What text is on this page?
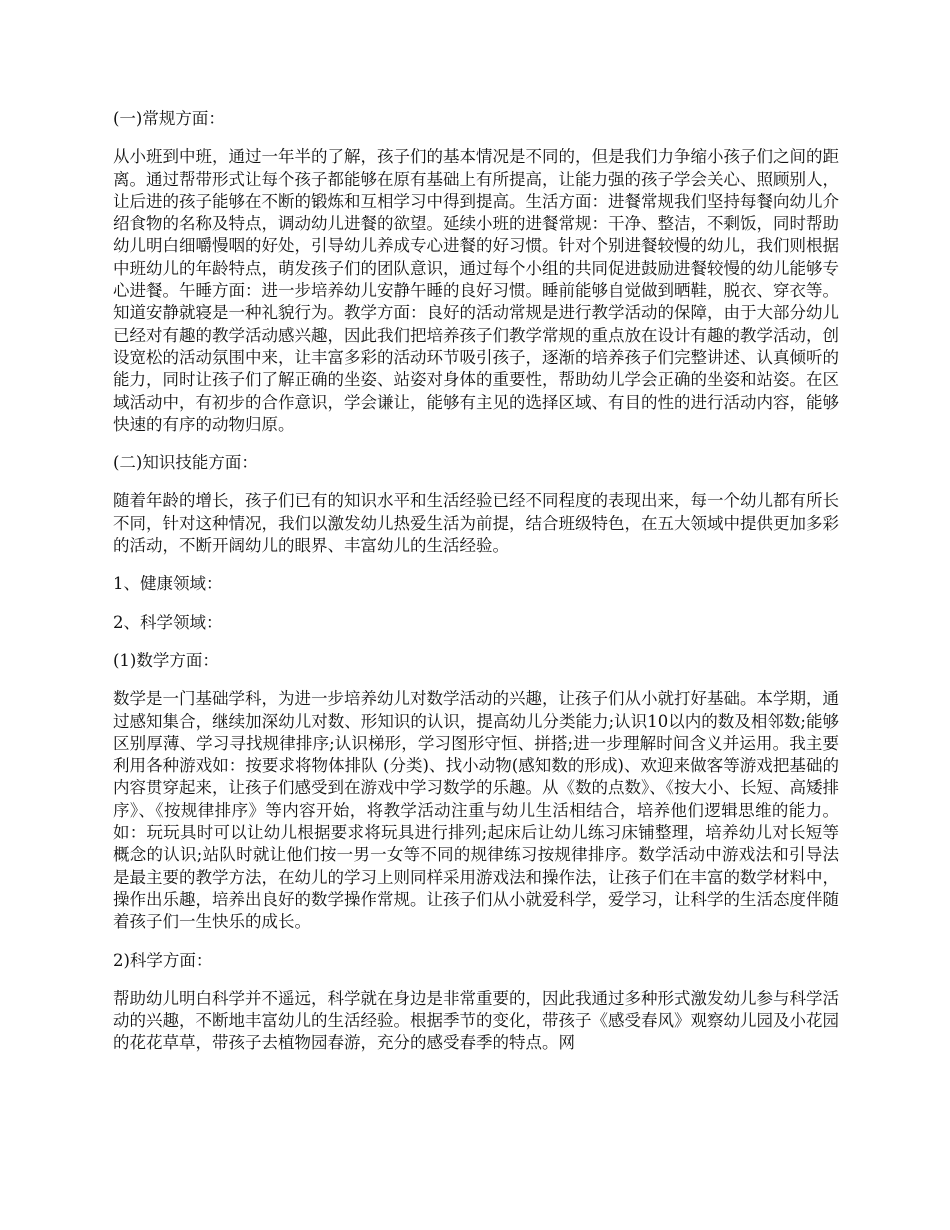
(一)常规方面：

从小班到中班，通过一年半的了解，孩子们的基本情况是不同的，但是我们力争缩小孩子们之间的距离。通过帮带形式让每个孩子都能够在原有基础上有所提高，让能力强的孩子学会关心、照顾别人，让后进的孩子能够在不断的锻炼和互相学习中得到提高。生活方面：进餐常规我们坚持每餐向幼儿介绍食物的名称及特点，调动幼儿进餐的欲望。延续小班的进餐常规：干净、整洁，不剩饭，同时帮助幼儿明白细嚼慢咽的好处，引导幼儿养成专心进餐的好习惯。针对个别进餐较慢的幼儿，我们则根据中班幼儿的年龄特点，萌发孩子们的团队意识，通过每个小组的共同促进鼓励进餐较慢的幼儿能够专心进餐。午睡方面：进一步培养幼儿安静午睡的良好习惯。睡前能够自觉做到晒鞋，脱衣、穿衣等。知道安静就寝是一种礼貌行为。教学方面：良好的活动常规是进行教学活动的保障，由于大部分幼儿已经对有趣的教学活动感兴趣，因此我们把培养孩子们教学常规的重点放在设计有趣的教学活动，创设宽松的活动氛围中来，让丰富多彩的活动环节吸引孩子，逐渐的培养孩子们完整讲述、认真倾听的能力，同时让孩子们了解正确的坐姿、站姿对身体的重要性，帮助幼儿学会正确的坐姿和站姿。在区域活动中，有初步的合作意识，学会谦让，能够有主见的选择区域、有目的性的进行活动内容，能够快速的有序的动物归原。

(二)知识技能方面：

随着年龄的增长，孩子们已有的知识水平和生活经验已经不同程度的表现出来，每一个幼儿都有所长不同，针对这种情况，我们以激发幼儿热爱生活为前提，结合班级特色，在五大领域中提供更加多彩的活动，不断开阔幼儿的眼界、丰富幼儿的生活经验。

1、健康领域：

2、科学领域：

(1)数学方面：

数学是一门基础学科，为进一步培养幼儿对数学活动的兴趣，让孩子们从小就打好基础。本学期，通过感知集合，继续加深幼儿对数、形知识的认识，提高幼儿分类能力;认识10以内的数及相邻数;能够区别厚薄、学习寻找规律排序;认识梯形，学习图形守恒、拼搭;进一步理解时间含义并运用。我主要利用各种游戏如：按要求将物体排队 (分类)、找小动物(感知数的形成)、欢迎来做客等游戏把基础的内容贯穿起来，让孩子们感受到在游戏中学习数学的乐趣。从《数的点数》、《按大小、长短、高矮排序》、《按规律排序》等内容开始，将教学活动注重与幼儿生活相结合，培养他们逻辑思维的能力。如：玩玩具时可以让幼儿根据要求将玩具进行排列;起床后让幼儿练习床铺整理，培养幼儿对长短等概念的认识;站队时就让他们按一男一女等不同的规律练习按规律排序。数学活动中游戏法和引导法是最主要的教学方法，在幼儿的学习上则同样采用游戏法和操作法，让孩子们在丰富的数学材料中，操作出乐趣，培养出良好的数学操作常规。让孩子们从小就爱科学，爱学习，让科学的生活态度伴随着孩子们一生快乐的成长。

2)科学方面：

帮助幼儿明白科学并不遥远，科学就在身边是非常重要的，因此我通过多种形式激发幼儿参与科学活动的兴趣，不断地丰富幼儿的生活经验。根据季节的变化，带孩子《感受春风》观察幼儿园及小花园的花花草草，带孩子去植物园春游，充分的感受春季的特点。网
